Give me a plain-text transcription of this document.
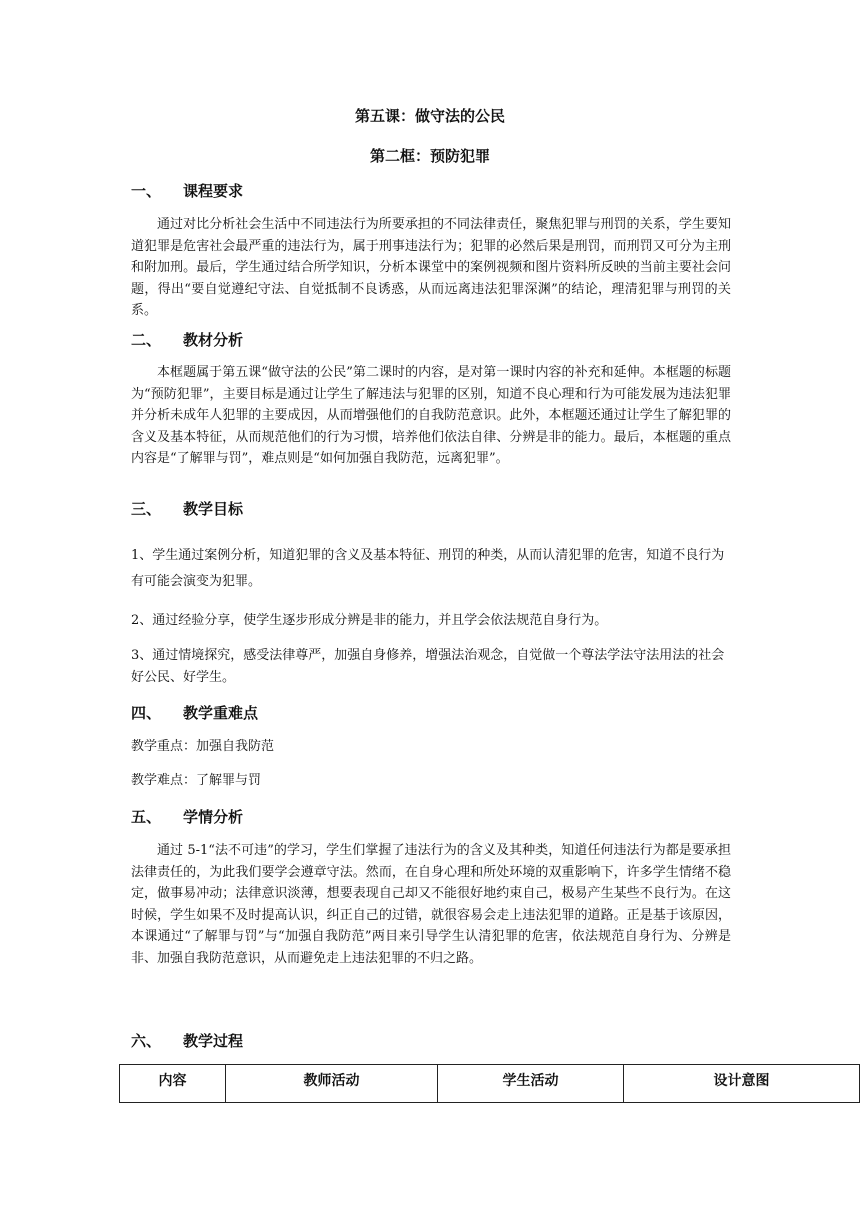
第五课：做守法的公民
第二框：预防犯罪
一、 课程要求

通过对比分析社会生活中不同违法行为所要承担的不同法律责任，聚焦犯罪与刑罚的关系，学生要知道犯罪是危害社会最严重的违法行为，属于刑事违法行为；犯罪的必然后果是刑罚，而刑罚又可分为主刑和附加刑。最后，学生通过结合所学知识，分析本课堂中的案例视频和图片资料所反映的当前主要社会问题，得出“要自觉遵纪守法、自觉抵制不良诱惑，从而远离违法犯罪深渊”的结论，理清犯罪与刑罚的关系。

二、 教材分析

本框题属于第五课“做守法的公民”第二课时的内容，是对第一课时内容的补充和延伸。本框题的标题为“预防犯罪”，主要目标是通过让学生了解违法与犯罪的区别，知道不良心理和行为可能发展为违法犯罪并分析未成年人犯罪的主要成因，从而增强他们的自我防范意识。此外，本框题还通过让学生了解犯罪的含义及基本特征，从而规范他们的行为习惯，培养他们依法自律、分辨是非的能力。最后，本框题的重点内容是“了解罪与罚”，难点则是“如何加强自我防范，远离犯罪”。

三、 教学目标

1、学生通过案例分析，知道犯罪的含义及基本特征、刑罚的种类，从而认清犯罪的危害，知道不良行为有可能会演变为犯罪。

2、通过经验分享，使学生逐步形成分辨是非的能力，并且学会依法规范自身行为。

3、通过情境探究，感受法律尊严，加强自身修养，增强法治观念，自觉做一个尊法学法守法用法的社会好公民、好学生。

四、 教学重难点

教学重点：加强自我防范

教学难点：了解罪与罚

五、 学情分析

通过 5-1“法不可违”的学习，学生们掌握了违法行为的含义及其种类，知道任何违法行为都是要承担法律责任的，为此我们要学会遵章守法。然而，在自身心理和所处环境的双重影响下，许多学生情绪不稳定，做事易冲动；法律意识淡薄，想要表现自己却又不能很好地约束自己，极易产生某些不良行为。在这时候，学生如果不及时提高认识，纠正自己的过错，就很容易会走上违法犯罪的道路。正是基于该原因，本课通过“了解罪与罚”与“加强自我防范”两目来引导学生认清犯罪的危害，依法规范自身行为、分辨是非、加强自我防范意识，从而避免走上违法犯罪的不归之路。

六、 教学过程
内容	教师活动	学生活动	设计意图
